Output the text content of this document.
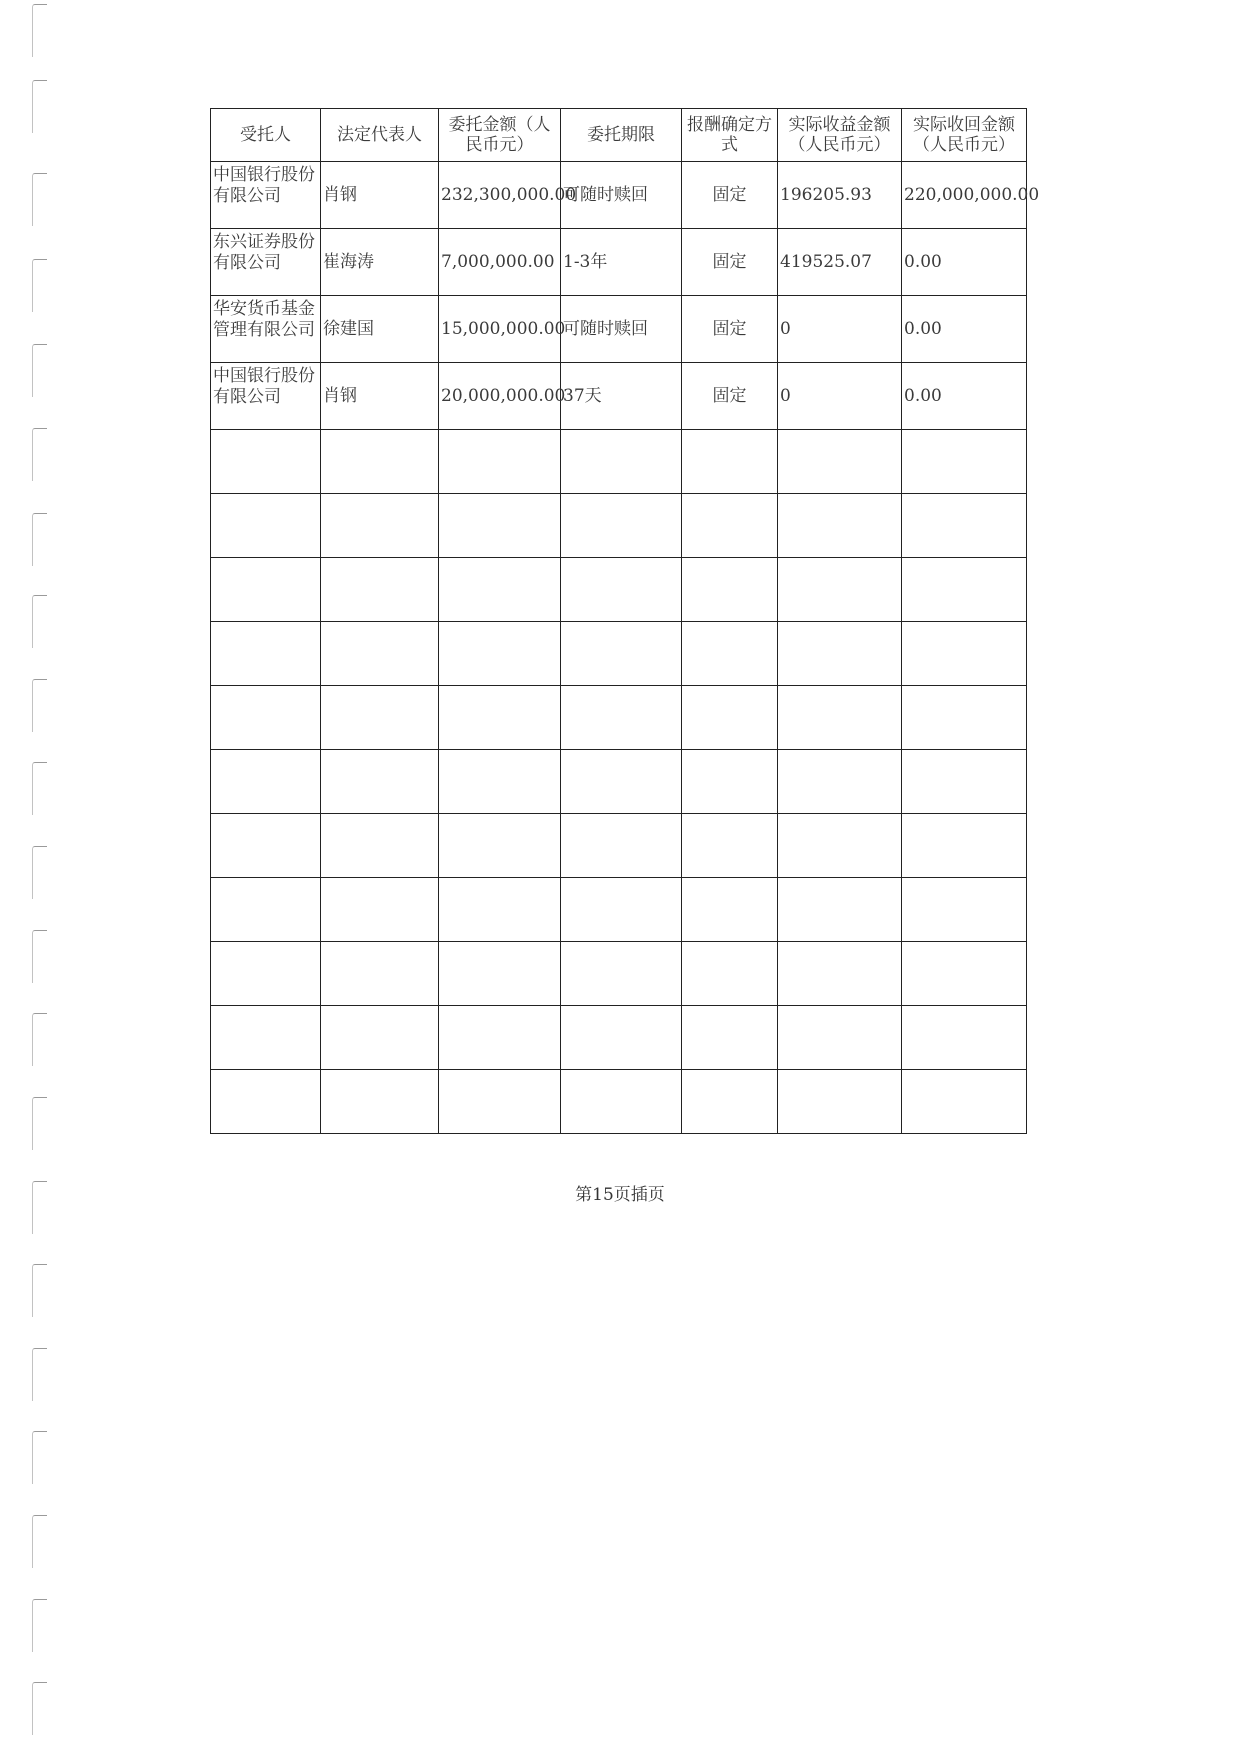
受托人	法定代表人	委托金额（人民币元）	委托期限	报酬确定方式	实际收益金额（人民币元）	实际收回金额（人民币元）
中国银行股份有限公司	肖钢	232,300,000.00	可随时赎回	固定	196205.93	220,000,000.00
东兴证券股份有限公司	崔海涛	7,000,000.00	1-3年	固定	419525.07	0.00
华安货币基金管理有限公司	徐建国	15,000,000.00	可随时赎回	固定	0	0.00
中国银行股份有限公司	肖钢	20,000,000.00	37天	固定	0	0.00

第15页插页
